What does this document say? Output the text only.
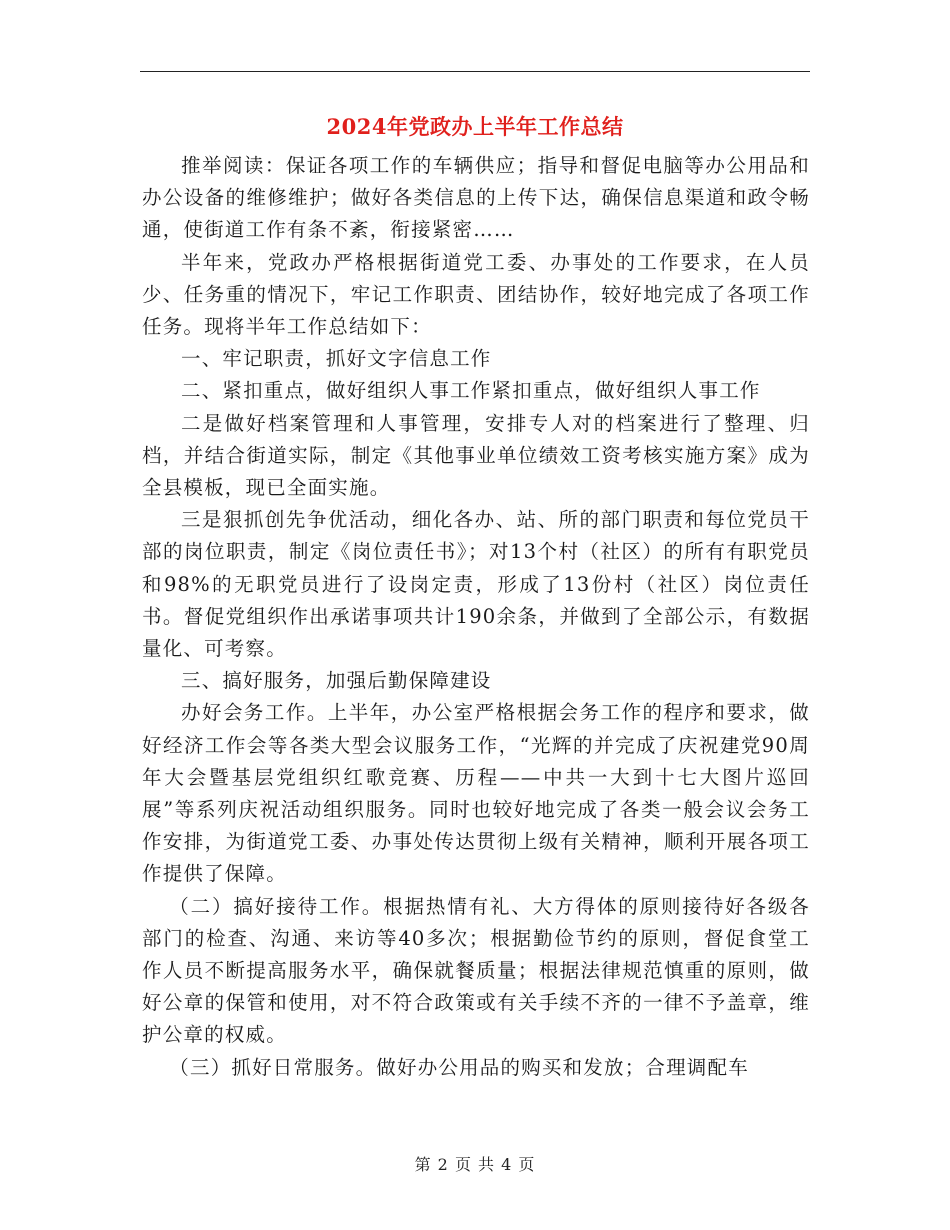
2024年党政办上半年工作总结

推举阅读：保证各项工作的车辆供应；指导和督促电脑等办公用品和办公设备的维修维护；做好各类信息的上传下达，确保信息渠道和政令畅通，使街道工作有条不紊，衔接紧密……

半年来，党政办严格根据街道党工委、办事处的工作要求，在人员少、任务重的情况下，牢记工作职责、团结协作，较好地完成了各项工作任务。现将半年工作总结如下：

一、牢记职责，抓好文字信息工作

二、紧扣重点，做好组织人事工作紧扣重点，做好组织人事工作

二是做好档案管理和人事管理，安排专人对的档案进行了整理、归档，并结合街道实际，制定《其他事业单位绩效工资考核实施方案》成为全县模板，现已全面实施。

三是狠抓创先争优活动，细化各办、站、所的部门职责和每位党员干部的岗位职责，制定《岗位责任书》；对13个村（社区）的所有有职党员和98%的无职党员进行了设岗定责，形成了13份村（社区）岗位责任书。督促党组织作出承诺事项共计190余条，并做到了全部公示，有数据量化、可考察。

三、搞好服务，加强后勤保障建设

办好会务工作。上半年，办公室严格根据会务工作的程序和要求，做好经济工作会等各类大型会议服务工作，“光辉的并完成了庆祝建党90周年大会暨基层党组织红歌竞赛、历程——中共一大到十七大图片巡回展”等系列庆祝活动组织服务。同时也较好地完成了各类一般会议会务工作安排，为街道党工委、办事处传达贯彻上级有关精神，顺利开展各项工作提供了保障。

（二）搞好接待工作。根据热情有礼、大方得体的原则接待好各级各部门的检查、沟通、来访等40多次；根据勤俭节约的原则，督促食堂工作人员不断提高服务水平，确保就餐质量；根据法律规范慎重的原则，做好公章的保管和使用，对不符合政策或有关手续不齐的一律不予盖章，维护公章的权威。

（三）抓好日常服务。做好办公用品的购买和发放；合理调配车

第 2 页 共 4 页
